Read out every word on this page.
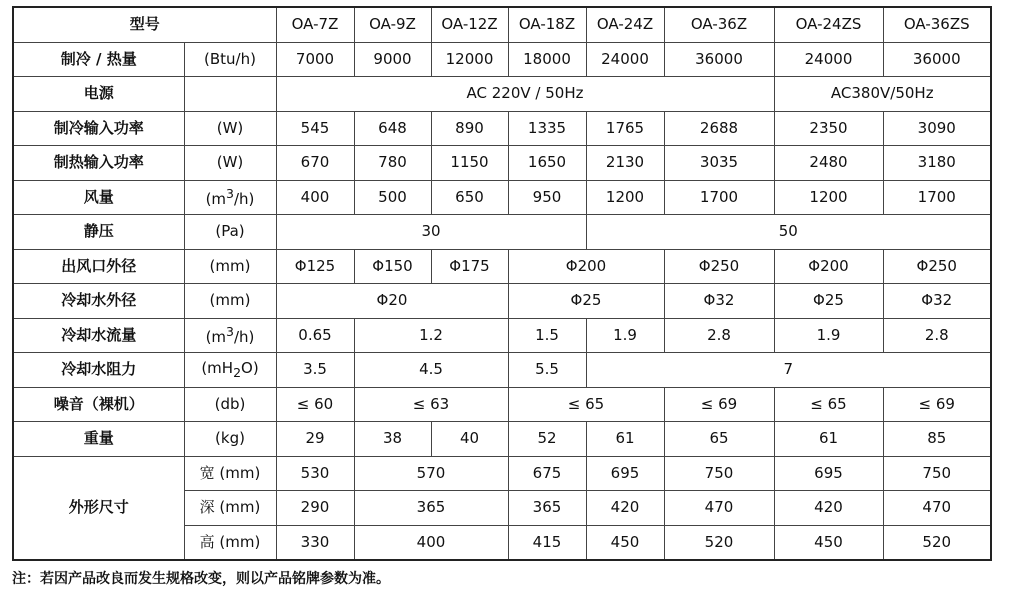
型号		OA-7Z	OA-9Z	OA-12Z	OA-18Z	OA-24Z	OA-36Z	OA-24ZS	OA-36ZS
制冷 / 热量	(Btu/h)	7000	9000	12000	18000	24000	36000	24000	36000
电源		AC 220V / 50Hz						AC380V/50Hz	
制冷输入功率	(W)	545	648	890	1335	1765	2688	2350	3090
制热输入功率	(W)	670	780	1150	1650	2130	3035	2480	3180
风量	$(m^3/h)$	400	500	650	950	1200	1700	1200	1700
静压	(Pa)	30				50			
出风口外径	(mm)	Φ125	Φ150	Φ175	Φ200		Φ250	Φ200	Φ250
冷却水外径	(mm)	Φ20			Φ25		Φ32	Φ25	Φ32
冷却水流量	$(m^3/h)$	0.65	1.2		1.5	1.9	2.8	1.9	2.8
冷却水阻力	$(mH_2O)$	3.5	4.5		5.5	7			
噪音（裸机）	(db)	≤ 60	≤ 63		≤ 65		≤ 69	≤ 65	≤ 69
重量	(kg)	29	38	40	52	61	65	61	85
外形尺寸	宽 (mm)	530	570		675	695	750	695	750
	深 (mm)	290	365		365	420	470	420	470
	高 (mm)	330	400		415	450	520	450	520
注：若因产品改良而发生规格改变，则以产品铭牌参数为准。
